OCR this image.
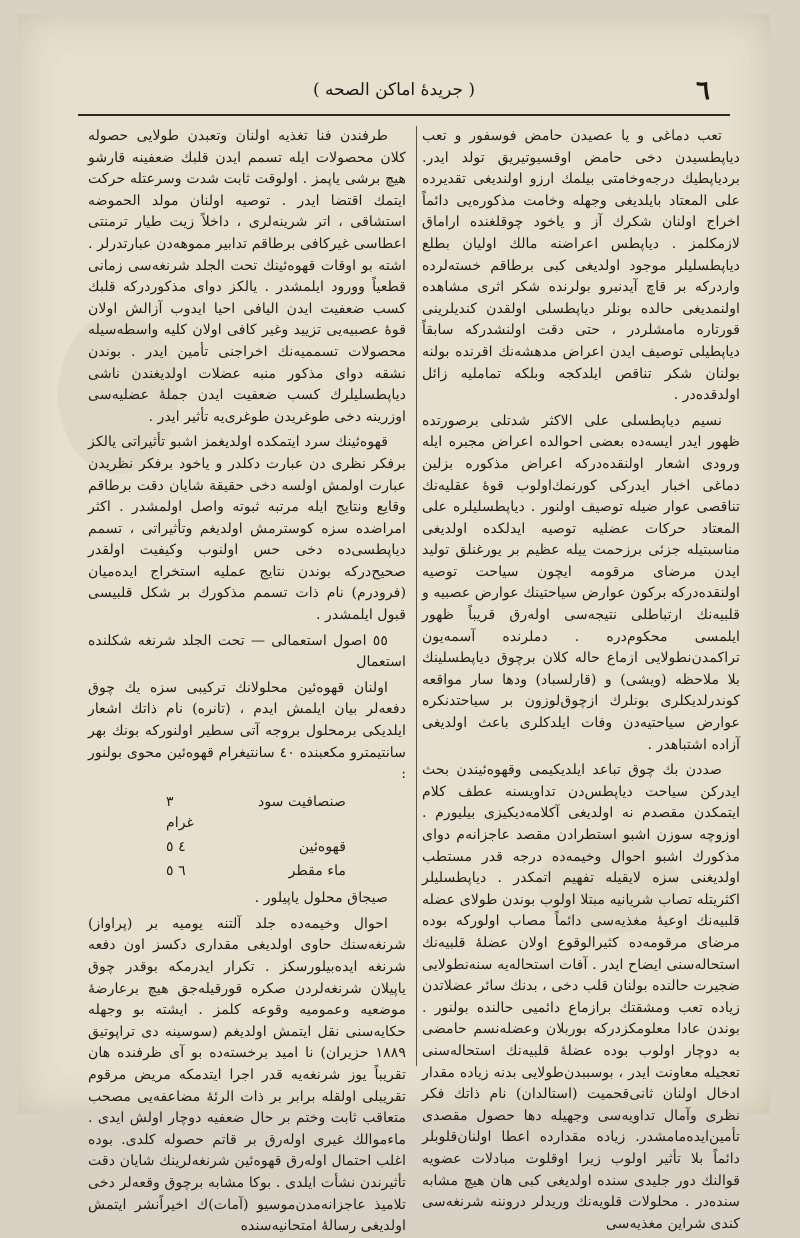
٦
( جریدهٔ اماکن الصحه )

تعب دماغی و یا عصیدن حامض فوسفور و تعب دیاپطسیدن دخی حامض اوقسیوتیریق تولد ایدر. بردیاپطیك درجه‌وخامتی بیلمك ارزو اولندیغی تقدیرده علی المعتاد بایلدیغی وجهله وخامت مذكوره‌یی دائماً اخراج اولنان شكرك آز و یاخود چوقلغنده اراماق لازمكلمز . دیاپطس اعراضنه مالك اولیان بطلع دیاپطسلیلر موجود اولدیغی كبی برطاقم خسته‌لرده واردركه بر قاچ آیدنبرو بولرنده شكر اثری مشاهده اولنمدیغی حالده بونلر دیاپطسلی اولقدن كندیلرینی قورتاره مامشلردر ، حتی دقت اولنشدركه سابقاً دیاپطیلی توصیف ایدن اعراض مدهشه‌نك اقرنده بولنه بولنان شكر تناقص ایلدكجه وبلكه تماملیه زائل اولدقده‌در .

نسیم دیاپطسلی علی الاكثر شدتلی برصورتده ظهور ایدر ایسه‌ده بعضی احوالده اعراض مجبره ایله ورودی اشعار اولنقده‌دركه اعراض مذكوره بزلین دماغی اخبار ایدركی كورنمك‌اولوب قوهٔ عقلیه‌نك تناقصی عوار ضیله توصیف اولنور . دیاپطسلیلره علی المعتاد حركات عضلیه توصیه ایدلكده اولدیغی مناسبتیله جزئی برزحمت ییله عظیم بر یورغنلق تولید ایدن مرضای مرقومه ایچون سیاحت توصیه اولنقده‌دركه بركون عوارض سیاحتینك عوارض عصبیه و قلبیه‌نك ارتباطلی نتیجه‌سی اوله‌رق قریباً ظهور ایلمسی محكوم‌دره . دملرنده آسمه‌یون تراكمدن‌نطولایی ازماع حاله كلان برچوق دیاپطسلینك بلا ملاحظه (ویشی) و (قارلسباد) ودها سار مواقعه كوندرلدیكلری بونلرك ازچوق‌لوزون بر سیاحتدنكره عوارض سیاحتیه‌دن وفات ایلدكلری باعث اولدیغی آزاده اشتباهدر .

صددن بك چوق تباعد ایلدیكیمی وقهوه‌ئیندن بحث ایدركن سیاحت دیاپطس‌دن تداویسنه عطف كلام ایتمكدن مقصدم نه اولدیغی آكلامه‌دیكیزی بیلیورم . اوزوچه سوزن اشبو استطرادن مقصد عاجزانه‌م دوای مذكورك اشبو احوال وخیمه‌ده درجه قدر مستطب اولدیغنی سزه لایقیله تفهیم اتمكدر . دیاپطسلیلر اكثریتله تصاب شریانیه مبتلا اولوب بوندن طولای عضله قلبیه‌نك اوعیهٔ مغذیه‌سی دائماً مصاب اولوركه بوده مرضای مرقومه‌ده كثیرالوقوع اولان عضلهٔ قلبیه‌نك استحاله‌سنی ایضاح ایدر . آفات استحاله‌یه سنه‌نطولایی ضجیرت حالنده بولنان قلب دخی ، بدنك سائر عضلاتدن زیاده تعب ومشقتك برازماع دائمیی حالنده بولنور . بوندن عادا معلومكزدركه بوربلان وعضله‌نسم حامضی به دوچار اولوب بوده عضلهٔ قلبیه‌نك استحاله‌سنی تعجیله معاونت ایدر ، بوسببدن‌طولایی بدنه زیاده مقدار ادخال اولنان ثانی‌قحمیت (استالدان) نام ذاتك فكر نظری وآمال تداویه‌سی وجهیله دها حصول مقصدی تأمین‌ایده‌مامشدر. زیاده مقدارده اعطا اولنان‌قلوبلر دائماً بلا تأثیر اولوب زیرا اوقلوت مبادلات عضویه قوالنك دور جلیدی سنده اولدیغی كبی هان هیچ مشابه سنده‌در . محلولات قلویه‌نك وریدلر دروننه شرنغه‌سی كندی شراین مغذیه‌سی

طرفندن فنا تغذیه اولنان وتعبدن طولایی حصوله كلان محصولات ایله تسمم ایدن قلبك ضعفینه قارشو هیچ برشی یاپمز . اولوقت ثابت شدت وسرعتله حركت ایتمك اقتضا ایدر . توصیه اولنان مولد الحموضه استشاقی ، اتر شرینه‌لری ، داخلاً زیت طیار ترمنتی اعطاسی غیركافی برطاقم تدابیر مموهه‌دن عبارتدرلر . اشته بو اوقات قهوه‌ئینك تحت الجلد شرنغه‌سی زمانی قطعیاً وورود ایلمشدر . یالكز دوای مذكوردركه قلبك كسب ضعفیت ایدن الیافی احیا ایدوب آزالش اولان قوهٔ عصبیه‌یی تزیید وغیر كافی اولان كلیه واسطه‌سیله محصولات تسممیه‌نك اخراجنی تأمین ایدر . بوندن نشقه دوای مذكور منبه عضلات اولدیغندن ناشی دیاپطسلیلرك كسب ضعفیت ایدن جملهٔ عضلیه‌سی اوزرینه دخی طوغریدن طوغری‌یه تأثیر ایدر .

قهوه‌ئینك سرد ایتمكده اولدیغمز اشبو تأثیراتی یالكز برفكر نظری دن عبارت دكلدر و یاخود برفكر نظریدن عبارت اولمش اولسه دخی حقیقة شایان دقت برطاقم وقایع ونتایج ایله مرتبه ثبوته واصل اولمشدر . اكثر امراضده سزه كوسترمش اولدیغم وتأثیراتی ، تسمم دیاپطسی‌ده دخی حس اولنوب وكیفیت اولقدر صحیح‌درکه بوندن نتایج عملیه استخراج ایده‌میان (فرودرم) نام ذات تسمم مذكورك بر شكل قلبیسی قبول ایلمشدر .

٥٥ اصول استعمالی — تحت الجلد شرنغه شكلنده استعمال

اولنان قهوه‌ئین محلولانك تركیبی سزه یك چوق دفعه‌لر بیان ایلمش ایدم ، (تانره) نام ذاتك اشعار ایلدیكی برمحلول بروجه آتی سطیر اولنوركه بونك بهر سانتیمترو مكعبنده ٤٠ سانتیغرام قهوه‌ئین محوی بولنور :

صنصافیت سود
٣ غرام
قهوه‌ئین
٤ ٥
ماء مقطر
٦ ٥

صیجاق محلول یاپیلور .

احوال وخیمه‌ده جلد آلتنه یومیه بر (پراواز) شرنغه‌سنك حاوی اولدیغی مقداری دكسز اون دفعه شرنغه ایده‌بیلورسكز . تكرار ایدرمكه بوقدر چوق یاپیلان شرنغه‌لردن صكره قورقیله‌جق هیچ برعارضهٔ موضعیه وعمومیه وقوعه كلمز . ایشته بو وجهله حكایه‌سنی نقل ایتمش اولدیغم (سوسینه دی تراپوتیق ۱۸۸۹ حزیران) نا امید برخسته‌ده بو آی ظرفنده هان تقریباً یوز شرنغه‌یه قدر اجرا ایتدمكه مریض مرقوم تقریبلی اولقله برابر بر ذات الرئهٔ مضاعفه‌یی مصحب متعاقب ثابت وختم بر حال ضعفیه دوچار اولش ایدی . ماءموالك غیری اوله‌رق بر قاتم حصوله كلدی. بوده اغلب احتمال اوله‌رق قهوه‌ئین شرنغه‌لرینك شایان دقت تأثیرندن نشأت ایلدی . بوكا مشابه برچوق وقعه‌لر دخی تلامیذ عاجزانه‌مدن‌موسیو (آمات)ك اخیراً‌نشر ایتمش اولدیغی رساله‌ٔ امتحانیه‌سنده
